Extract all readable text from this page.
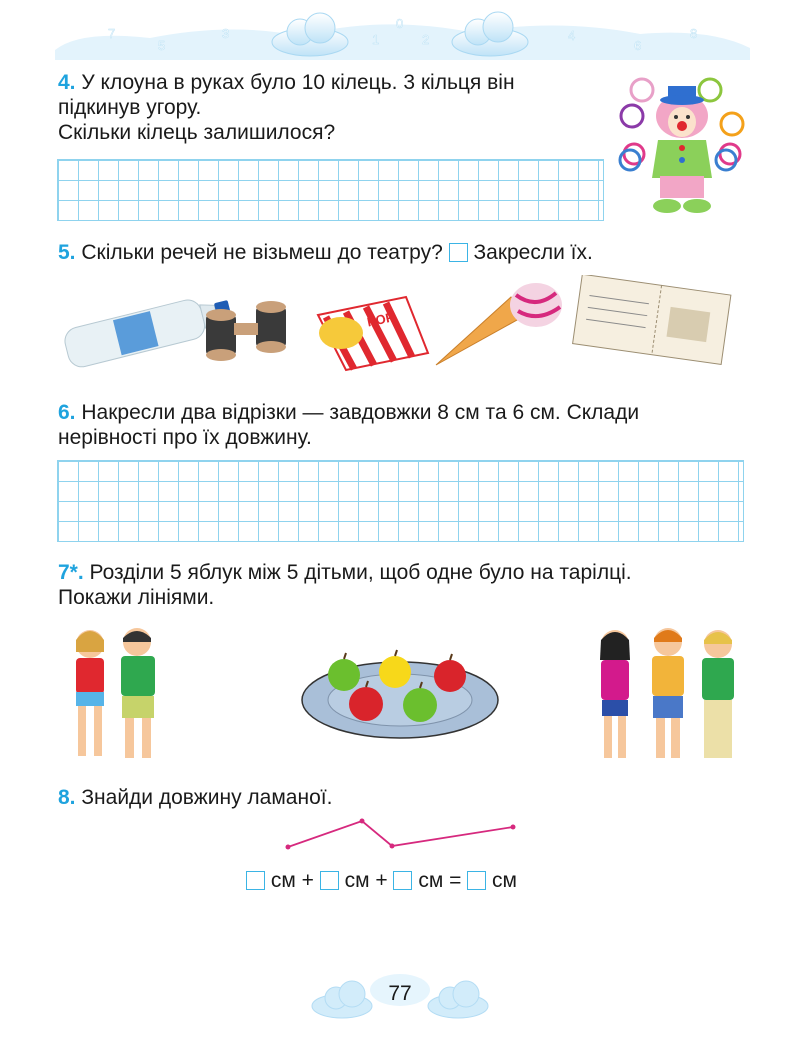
7
5
3	1
0
2	4
6
8
4. У клоуна в руках було 10 кілець. 3 кільця він
підкинув угору.
Скільки кілець залишилося?
5. Скільки речей не візьмеш до театру? Закресли їх.
POP
6. Накресли два відрізки — завдовжки 8 см та 6 см. Склади
нерівності про їх довжину.
7*. Розділи 5 яблук між 5 дітьми, щоб одне було на тарілці.
Покажи лініями.
8. Знайди довжину ламаної.
см + см + см = см
77
